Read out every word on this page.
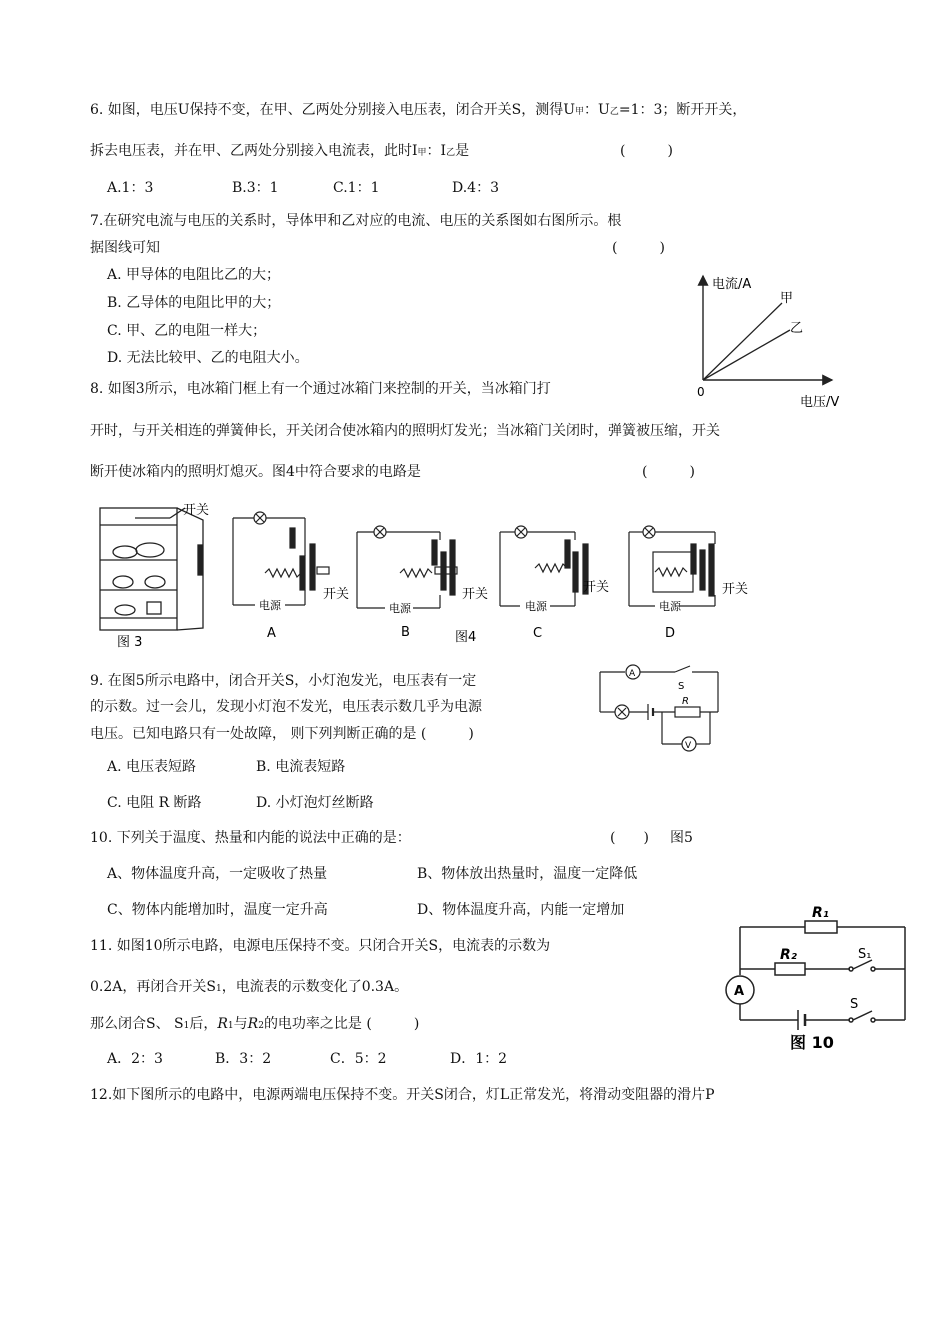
6. 如图，电压U保持不变，在甲、乙两处分别接入电压表，闭合开关S，测得U甲：U乙=1：3；断开开关，
拆去电压表，并在甲、乙两处分别接入电流表，此时I甲：I乙是	(　　　)
A.1：3	B.3：1	C.1：1	D.4：3
7.在研究电流与电压的关系时，导体甲和乙对应的电流、电压的关系图如右图所示。根
据图线可知	(　　　)
A. 甲导体的电阻比乙的大；
B. 乙导体的电阻比甲的大；
C. 甲、乙的电阻一样大；
D. 无法比较甲、乙的电阻大小。
电流/A
甲
乙
0
电压/V
8. 如图3所示，电冰箱门框上有一个通过冰箱门来控制的开关，当冰箱门打
开时，与开关相连的弹簧伸长，开关闭合使冰箱内的照明灯发光；当冰箱门关闭时，弹簧被压缩，开关
断开使冰箱内的照明灯熄灭。图4中符合要求的电路是	(　　　)
开关
图 3
开关
电源
A
开关
电源
B	图4
开关
电源
C
开关
电源
D
9. 在图5所示电路中，闭合开关S，小灯泡发光，电压表有一定
的示数。过一会儿，发现小灯泡不发光，电压表示数几乎为电源
电压。已知电路只有一处故障， 则下列判断正确的是 (　　　)
A. 电压表短路	B. 电流表短路
C. 电阻 R 断路	D. 小灯泡灯丝断路
A
S
R
V
10. 下列关于温度、热量和内能的说法中正确的是：	(　　) 图5
A、物体温度升高，一定吸收了热量	B、物体放出热量时，温度一定降低
C、物体内能增加时，温度一定升高	D、物体温度升高，内能一定增加
11. 如图10所示电路，电源电压保持不变。只闭合开关S，电流表的示数为
0.2A，再闭合开关S1，电流表的示数变化了0.3A。
那么闭合S、 S1后，R1与R2的电功率之比是 (　　　)
A．2：3	B．3：2	C．5：2	D．1：2
R₁
R₂	S₁
S
A
图 10
12.如下图所示的电路中，电源两端电压保持不变。开关S闭合，灯L正常发光，将滑动变阻器的滑片P
